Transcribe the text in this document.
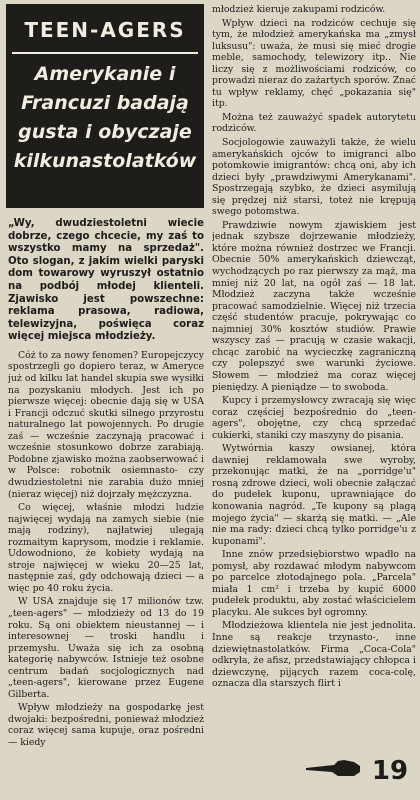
TEEN-AGERS
Amerykanie i Francuzi badają gusta i obyczaje kilkunastolatków

„Wy, dwudziestoletni wiecie dobrze, czego chcecie, my zaś to wszystko mamy na sprzedaż". Oto slogan, z jakim wielki paryski dom towarowy wyruszył ostatnio na podbój młodej klienteli. Zjawisko jest powszechne: reklama prasowa, radiowa, telewizyjna, poświęca coraz więcej miejsca młodzieży.

Cóż to za nowy fenomen? Europejczycy spostrzegli go dopiero teraz, w Ameryce już od kilku lat handel skupia swe wysiłki na pozyskaniu młodych. Jest ich po pierwsze więcej: obecnie dają się w USA i Francji odczuć skutki silnego przyrostu naturalnego lat powojennych. Po drugie zaś — wcześnie zaczynają pracować i wcześnie stosunkowo dobrze zarabiają. Podobne zjawisko można zaobserwować i w Polsce: robotnik osiemnasto- czy dwudziestoletni nie zarabia dużo mniej (nieraz więcej) niż dojrzały mężczyzna.

Co więcej, właśnie młodzi ludzie najwięcej wydają na zamych siebie (nie mają rodziny), najłatwiej ulegają rozmaitym kaprysom, modzie i reklamie. Udowodniono, że kobiety wydają na stroje najwięcej w wieku 20—25 lat, następnie zaś, gdy odchowają dzieci — a więc po 40 roku życia.

W USA znajduje się 17 milionów tzw. „teen-agers" — młodzieży od 13 do 19 roku. Są oni obiektem nieustannej — i interesownej — troski handlu i przemysłu. Uważa się ich za osobną kategorię nabywców. Istnieje też osobne centrum badań socjologicznych nad „teen-agers", kierowane przez Eugene Gilberta.

Wpływ młodzieży na gospodarkę jest dwojaki: bezpośredni, ponieważ młodzież coraz więcej sama kupuje, oraz pośredni — kiedy

młodzież kieruje zakupami rodziców.

Wpływ dzieci na rodziców cechuje się tym, że młodzież amerykańska ma „zmysł luksusu": uważa, że musi się mieć drogie meble, samochody, telewizory itp.. Nie liczy się z możliwościami rodziców, co prowadzi nieraz do zażartych sporów. Znać tu wpływ reklamy, chęć „pokazania się" itp.

Można też zauważyć spadek autorytetu rodziców.

Socjologowie zauważyli także, że wielu amerykańskich ojców to imigranci albo potomkowie imigrantów: chcą oni, aby ich dzieci były „prawdziwymi Amerykanami". Spostrzegają szybko, że dzieci asymilują się prędzej niż starsi, toteż nie krępują swego potomstwa.

Prawdziwie nowym zjawiskiem jest jednak szybsze dojrzewanie młodzieży, które można również dostrzec we Francji. Obecnie 50% amerykańskich dziewcząt, wychodzących po raz pierwszy za mąż, ma mniej niż 20 lat, na ogół zaś — 18 lat. Młodzież zaczyna także wcześnie pracować samodzielnie. Więcej niż trzecia część studentów pracuje, pokrywając co najmniej 30% kosztów studiów. Prawie wszyscy zaś — pracują w czasie wakacji, chcąc zarobić na wycieczkę zagraniczną czy polepszyć swe warunki życiowe. Słowem — młodzież ma coraz więcej pieniędzy. A pieniądze — to swoboda.

Kupcy i przemysłowcy zwracają się więc coraz częściej bezpośrednio do „teen-agers", obojętne, czy chcą sprzedać cukierki, staniki czy maszyny do pisania.

Wytwórnia kaszy owsianej, która dawniej reklamowała swe wyroby, przekonując matki, że na „porridge'u" rosną zdrowe dzieci, woli obecnie załączać do pudełek kuponu, uprawniające do konowania nagród. „Te kupony są plagą mojego życia" — skarżą się matki. — „Ale nie ma rady: dzieci chcą tylko porridge'u z kuponami".

Inne znów przedsiębiorstwo wpadło na pomysł, aby rozdawać młodym nabywcom po parcelce złotodajnego pola. „Parcela" miała 1 cm² i trzeba by kupić 6000 pudełek produktu, aby zostać właścicielem placyku. Ale sukces był ogromny.

Młodzieżowa klientela nie jest jednolita. Inne są reakcje trzynasto-, inne dziewiętnastolatków. Firma „Coca-Cola" odkryła, że afisz, przedstawiający chłopca i dziewczynę, pijących razem coca-colę, oznacza dla starszych flirt i

19
